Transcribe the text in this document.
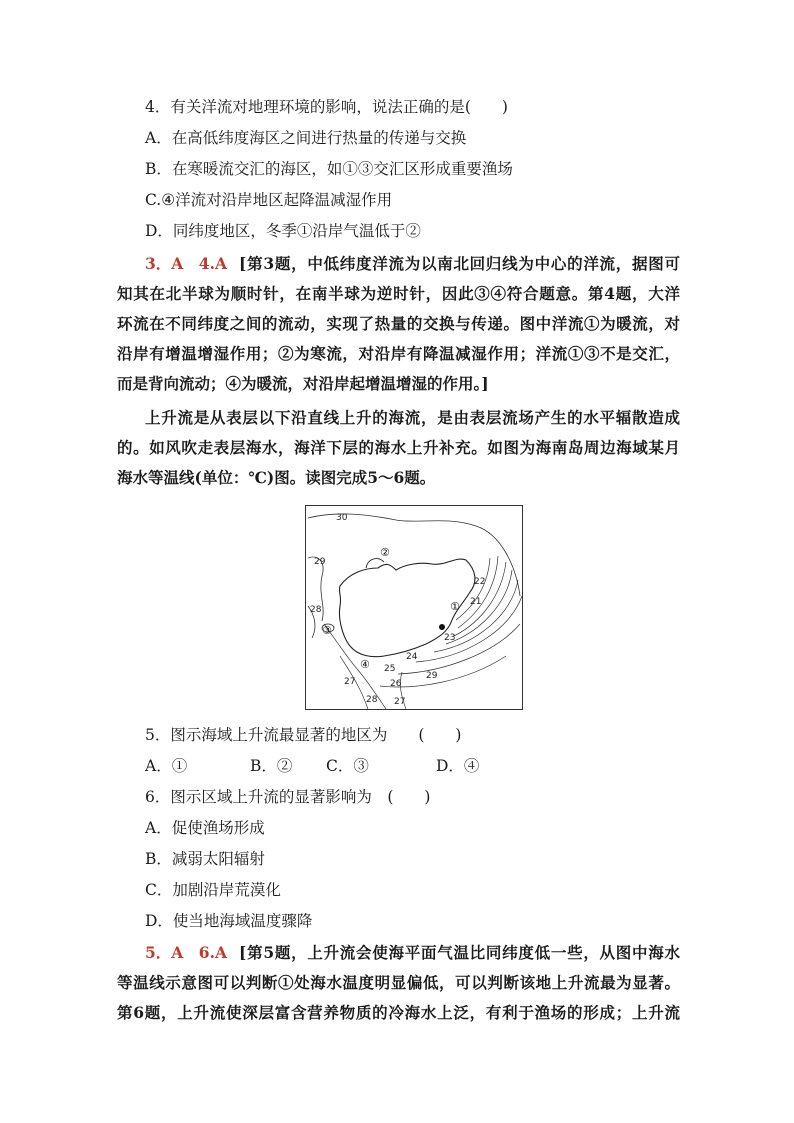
4．有关洋流对地理环境的影响，说法正确的是(　　)
A．在高低纬度海区之间进行热量的传递与交换
B．在寒暖流交汇的海区，如①③交汇区形成重要渔场
C.④洋流对沿岸地区起降温减湿作用
D．同纬度地区，冬季①沿岸气温低于②
3．A　4.A [第3题，中低纬度洋流为以南北回归线为中心的洋流，据图可
知其在北半球为顺时针，在南半球为逆时针，因此③④符合题意。第4题，大洋
环流在不同纬度之间的流动，实现了热量的交换与传递。图中洋流①为暖流，对
沿岸有增温增湿作用；②为寒流，对沿岸有降温减湿作用；洋流①③不是交汇，
而是背向流动；④为暖流，对沿岸起增温增湿的作用。]
上升流是从表层以下沿直线上升的海流，是由表层流场产生的水平辐散造成
的。如风吹走表层海水，海洋下层的海水上升补充。如图为海南岛周边海域某月
海水等温线(单位：℃)图。读图完成5～6题。
30
29
28
27	26
25
24
23
22
21
29
28 27
①
②
③
④
5．图示海域上升流最显著的地区为　　(　　)
A．①	B．② C．③	D．④
6．图示区域上升流的显著影响为　(　　)
A．促使渔场形成
B．减弱太阳辐射
C．加剧沿岸荒漠化
D．使当地海域温度骤降
5．A　6.A [第5题，上升流会使海平面气温比同纬度低一些，从图中海水
等温线示意图可以判断①处海水温度明显偏低，可以判断该地上升流最为显著。
第6题，上升流使深层富含营养物质的冷海水上泛，有利于渔场的形成；上升流
